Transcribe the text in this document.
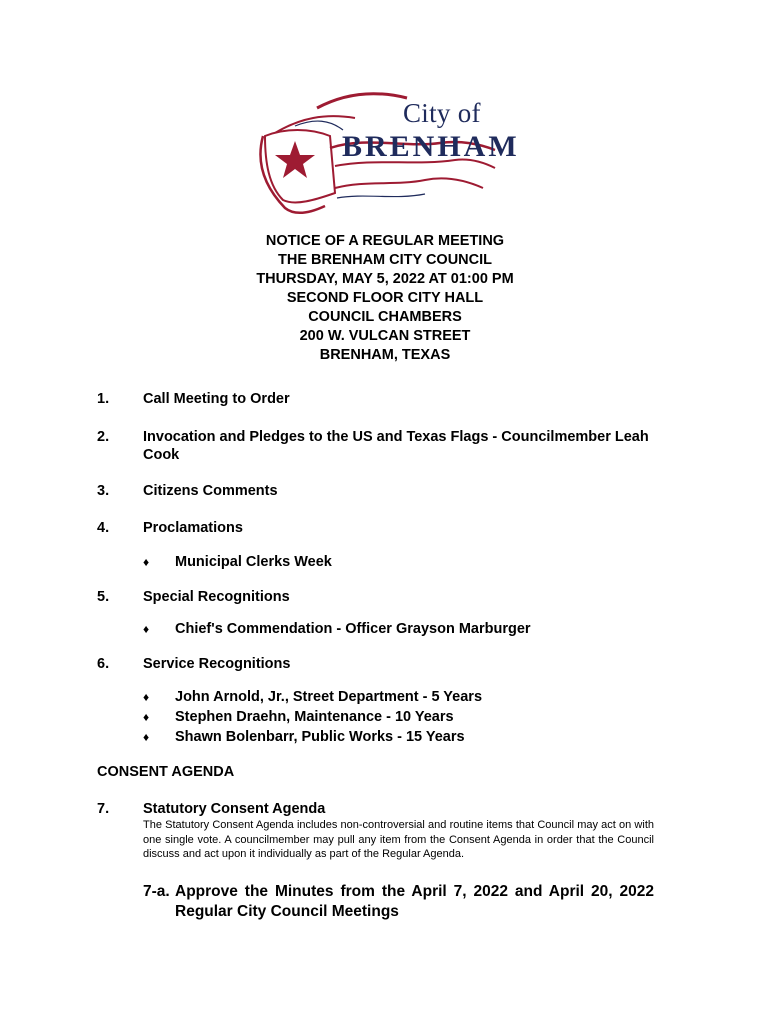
City of
BRENHAM
NOTICE OF A REGULAR MEETING
THE BRENHAM CITY COUNCIL
THURSDAY, MAY 5, 2022 AT 01:00 PM
SECOND FLOOR CITY HALL
COUNCIL CHAMBERS
200 W. VULCAN STREET
BRENHAM, TEXAS
1. Call Meeting to Order
2. Invocation and Pledges to the US and Texas Flags - Councilmember Leah Cook
3. Citizens Comments
4. Proclamations
♦ Municipal Clerks Week
5. Special Recognitions
♦ Chief's Commendation - Officer Grayson Marburger
6. Service Recognitions
♦ John Arnold, Jr., Street Department - 5 Years
♦ Stephen Draehn, Maintenance - 10 Years
♦ Shawn Bolenbarr, Public Works - 15 Years
CONSENT AGENDA
7. Statutory Consent Agenda
The Statutory Consent Agenda includes non-controversial and routine items that Council may act on with one single vote. A councilmember may pull any item from the Consent Agenda in order that the Council discuss and act upon it individually as part of the Regular Agenda.
7-a. Approve the Minutes from the April 7, 2022 and April 20, 2022
Regular City Council Meetings
